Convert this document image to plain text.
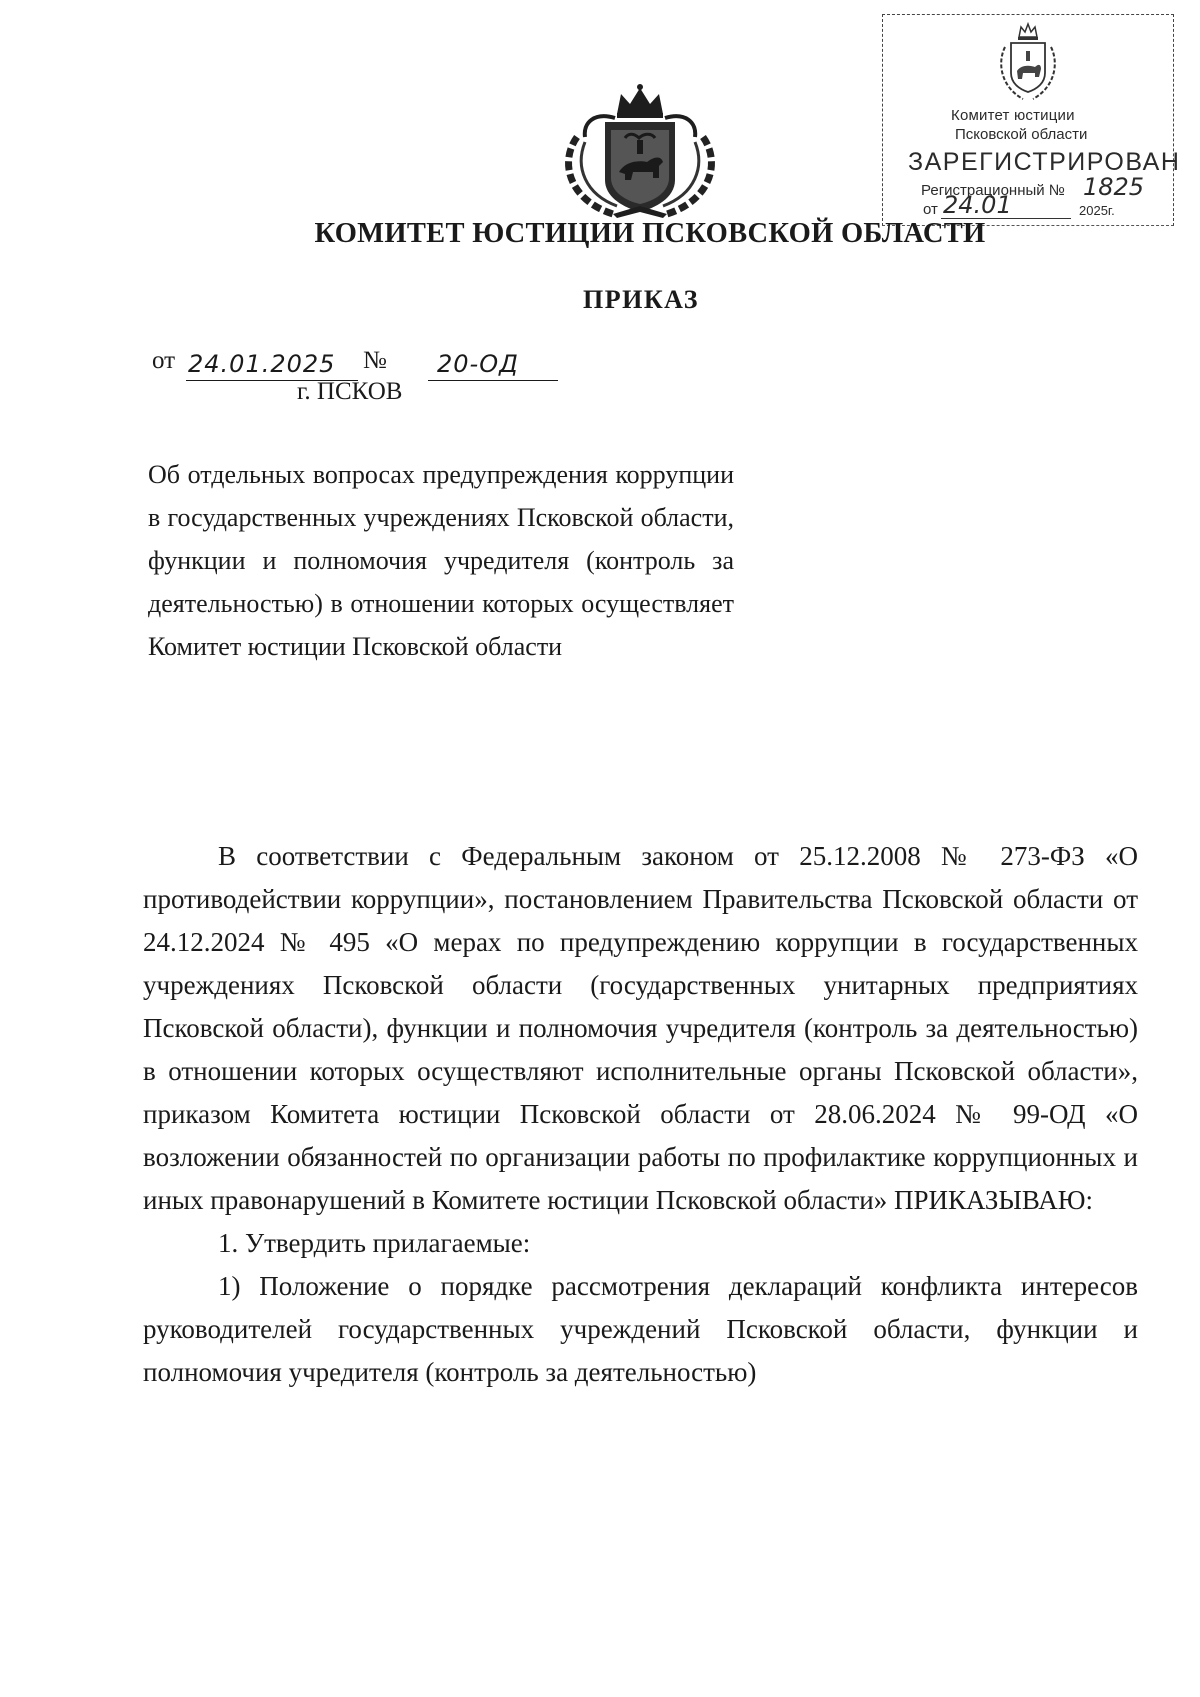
Комитет юстиции
Псковской области
ЗАРЕГИСТРИРОВАН
Регистрационный № 1825
от 24.01	2025г.
КОМИТЕТ ЮСТИЦИИ ПСКОВСКОЙ ОБЛАСТИ
ПРИКАЗ
от 24.01.2025 № 20-ОД
г. ПСКОВ
Об отдельных вопросах предупреждения коррупции в государственных учреждениях Псковской области, функции и полномочия учредителя (контроль за деятельностью) в отношении которых осуществляет Комитет юстиции Псковской области

В соответствии с Федеральным законом от 25.12.2008 № 273-ФЗ «О противодействии коррупции», постановлением Правительства Псковской области от 24.12.2024 № 495 «О мерах по предупреждению коррупции в государственных учреждениях Псковской области (государственных унитарных предприятиях Псковской области), функции и полномочия учредителя (контроль за деятельностью) в отношении которых осуществляют исполнительные органы Псковской области», приказом Комитета юстиции Псковской области от 28.06.2024 № 99-ОД «О возложении обязанностей по организации работы по профилактике коррупционных и иных правонарушений в Комитете юстиции Псковской области» ПРИКАЗЫВАЮ:

1. Утвердить прилагаемые:

1) Положение о порядке рассмотрения деклараций конфликта интересов руководителей государственных учреждений Псковской области, функции и полномочия учредителя (контроль за деятельностью)
